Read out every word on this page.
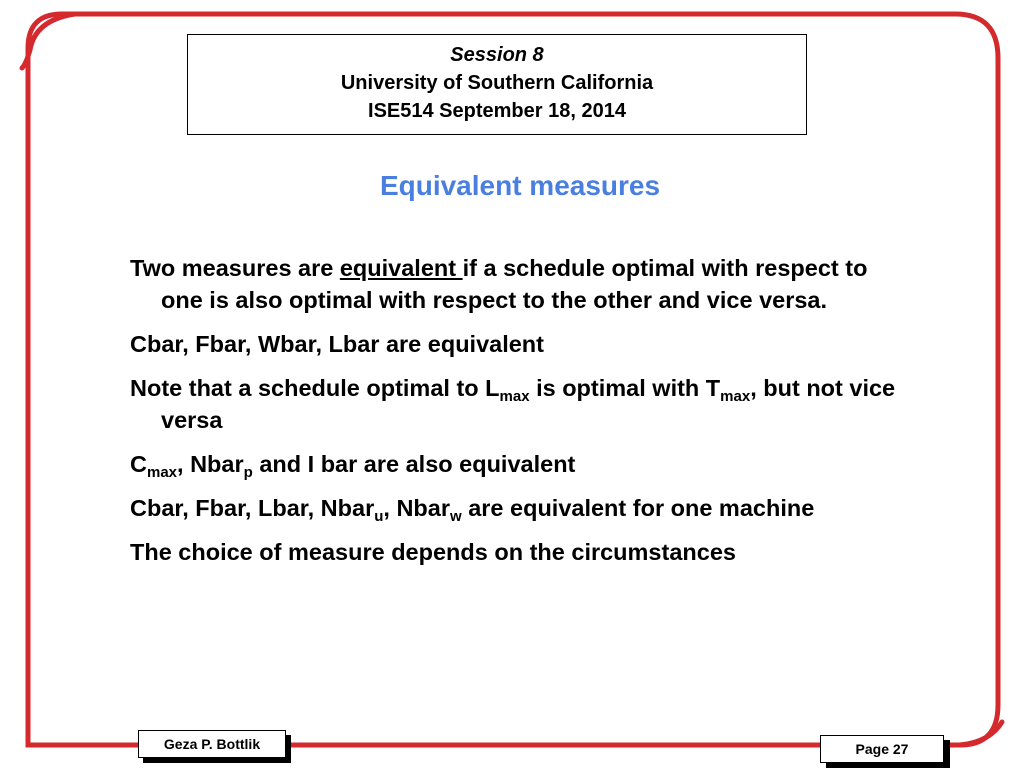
Session 8
University of Southern California
ISE514 September 18, 2014
Equivalent measures
Two measures are equivalent if a schedule optimal with respect to one is also optimal with respect to the other and vice versa.
Cbar, Fbar, Wbar, Lbar are equivalent
Note that a schedule optimal to $L_{max}$ is optimal with $T_{max}$, but not vice versa
$C_{max}$, Nbar$_p$ and I bar are also equivalent
Cbar, Fbar, Lbar, Nbar$_u$, Nbar$_w$ are equivalent for one machine
The choice of measure depends on the circumstances
Geza P. Bottlik	Page 27
